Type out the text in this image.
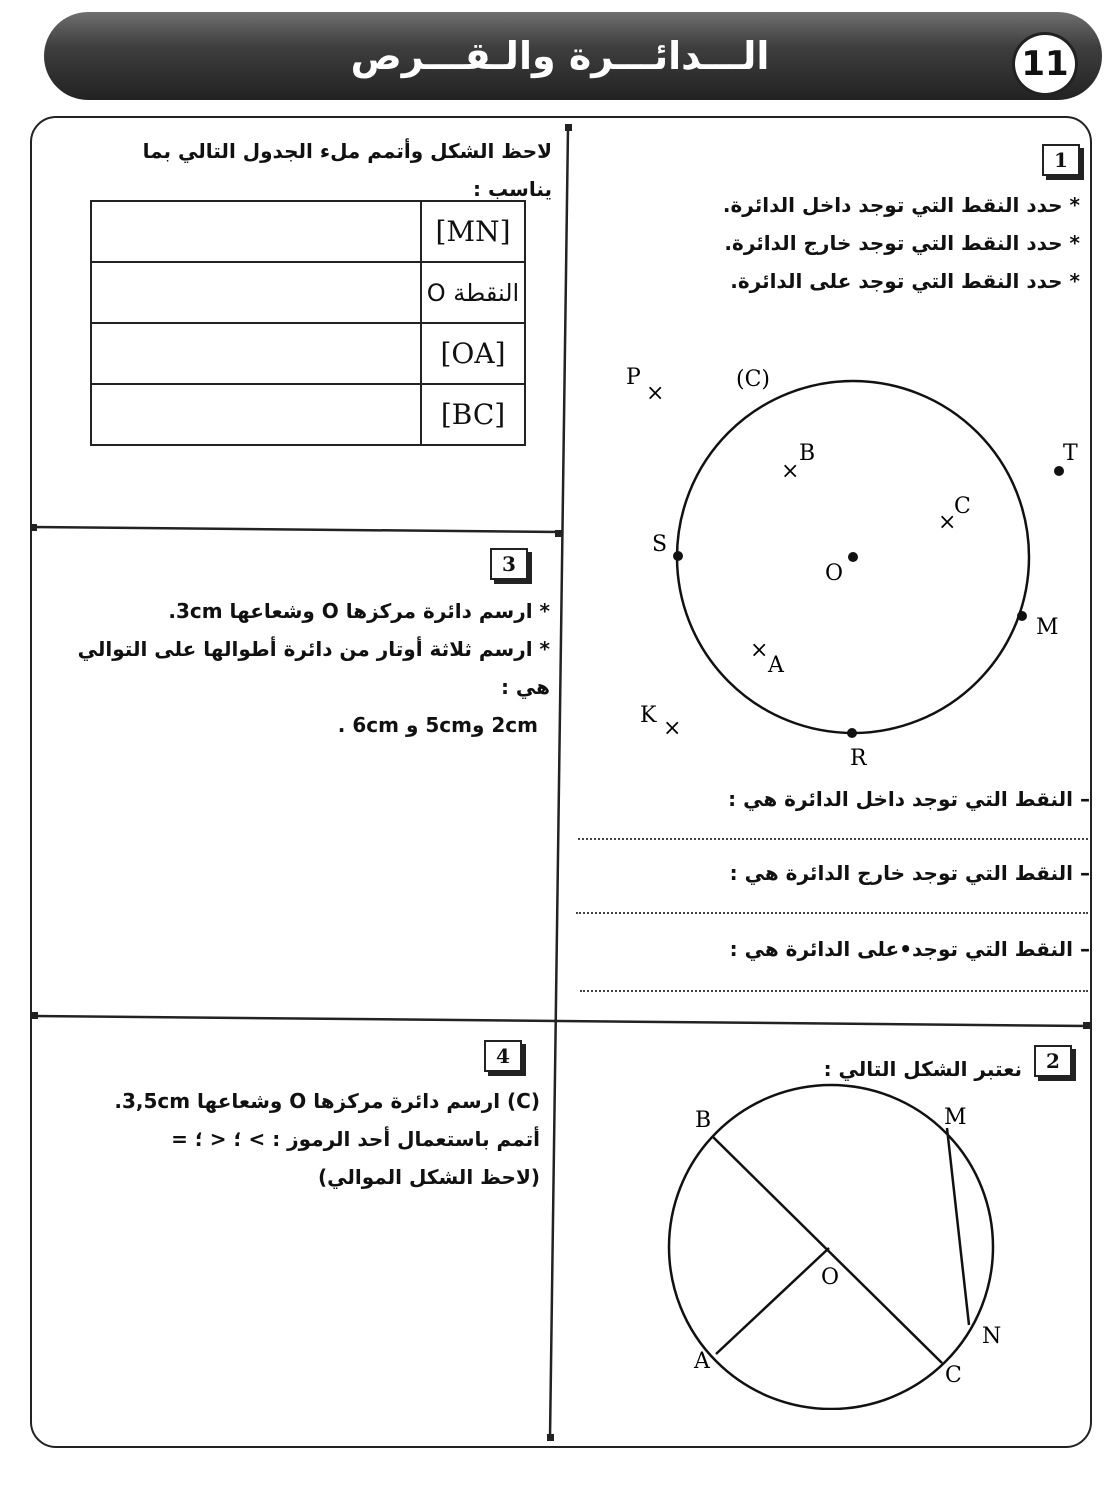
الـــدائـــرة والـقـــرص	11
1
* حدد النقط التي توجد داخل الدائرة.
* حدد النقط التي توجد خارج الدائرة.
* حدد النقط التي توجد على الدائرة.
(C)
O
×
P
×
B	T
×
C
S
M
×
A
×
K
R
– النقط التي توجد داخل الدائرة هي :
– النقط التي توجد خارج الدائرة هي :
– النقط التي توجد•على الدائرة هي :
لاحظ الشكل وأتمم ملء الجدول التالي بما يناسب :
	[MN]
	النقطة O
	[OA]
	[BC]
3
* ارسم دائرة مركزها O وشعاعها 3cm.
* ارسم ثلاثة أوتار من دائرة أطوالها على التوالي هي :
2cm و5cm و 6cm .
2
نعتبر الشكل التالي :
B	M
O
N
A
C
4
(C) ارسم دائرة مركزها O وشعاعها 3,5cm.
أتمم باستعمال أحد الرموز : > ؛ < ؛ =
(لاحظ الشكل الموالي)
